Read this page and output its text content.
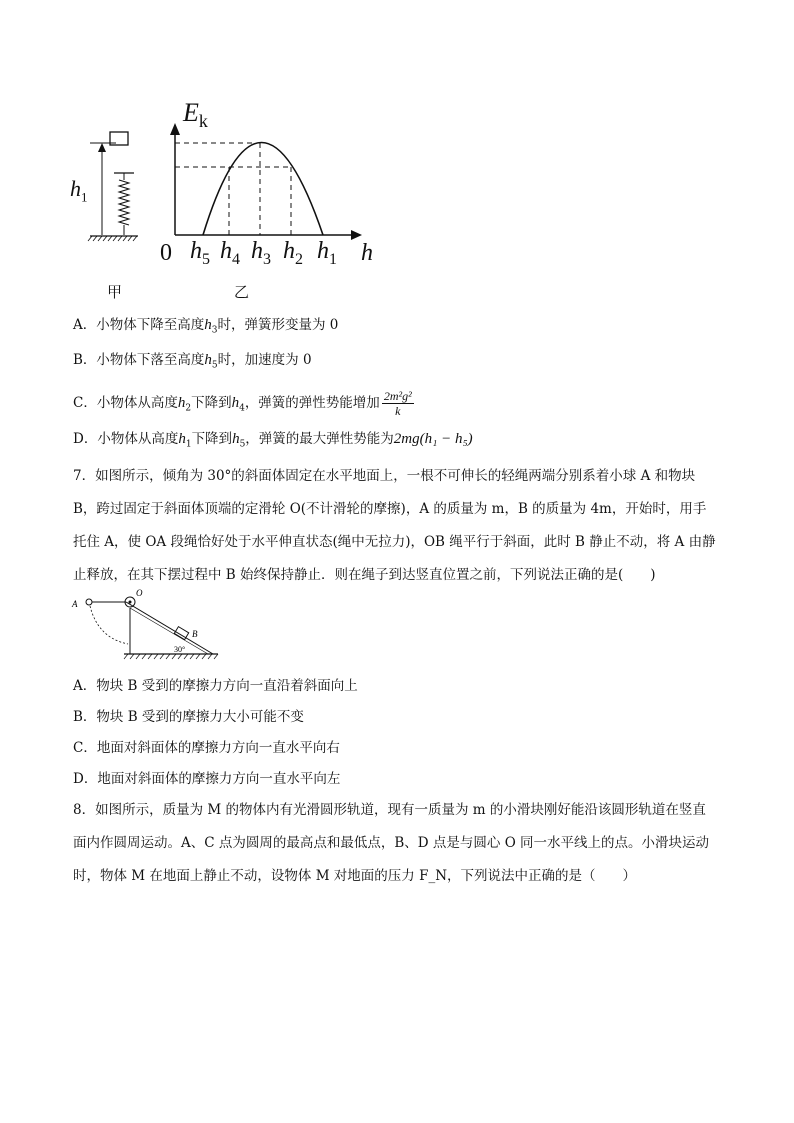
$h_1$
$E_k$
0	h
$h_5$ $h_4$ $h_3$ $h_2$ $h_1$
甲	乙
A．小物体下降至高度$h_3$时，弹簧形变量为 0
B．小物体下落至高度$h_5$时，加速度为 0
C．小物体从高度$h_2$下降到$h_4$，弹簧的弹性势能增加 $\frac{\text{2m²g²}}{k}$
D．小物体从高度$h_1$下降到$h_5$，弹簧的最大弹性势能为2mg(h₁ − h₅)
7．如图所示，倾角为 30°的斜面体固定在水平地面上，一根不可伸长的轻绳两端分别系着小球 A 和物块
B，跨过固定于斜面体顶端的定滑轮 O(不计滑轮的摩擦)，A 的质量为 m，B 的质量为 4m，开始时，用手
托住 A，使 OA 段绳恰好处于水平伸直状态(绳中无拉力)，OB 绳平行于斜面，此时 B 静止不动，将 A 由静
止释放，在其下摆过程中 B 始终保持静止．则在绳子到达竖直位置之前，下列说法正确的是(　　)
A
O
B
30°
A．物块 B 受到的摩擦力方向一直沿着斜面向上
B．物块 B 受到的摩擦力大小可能不变
C．地面对斜面体的摩擦力方向一直水平向右
D．地面对斜面体的摩擦力方向一直水平向左
8．如图所示，质量为 M 的物体内有光滑圆形轨道，现有一质量为 m 的小滑块刚好能沿该圆形轨道在竖直
面内作圆周运动。A、C 点为圆周的最高点和最低点，B、D 点是与圆心 O 同一水平线上的点。小滑块运动
时，物体 M 在地面上静止不动，设物体 M 对地面的压力 F_N，下列说法中正确的是（　　）
